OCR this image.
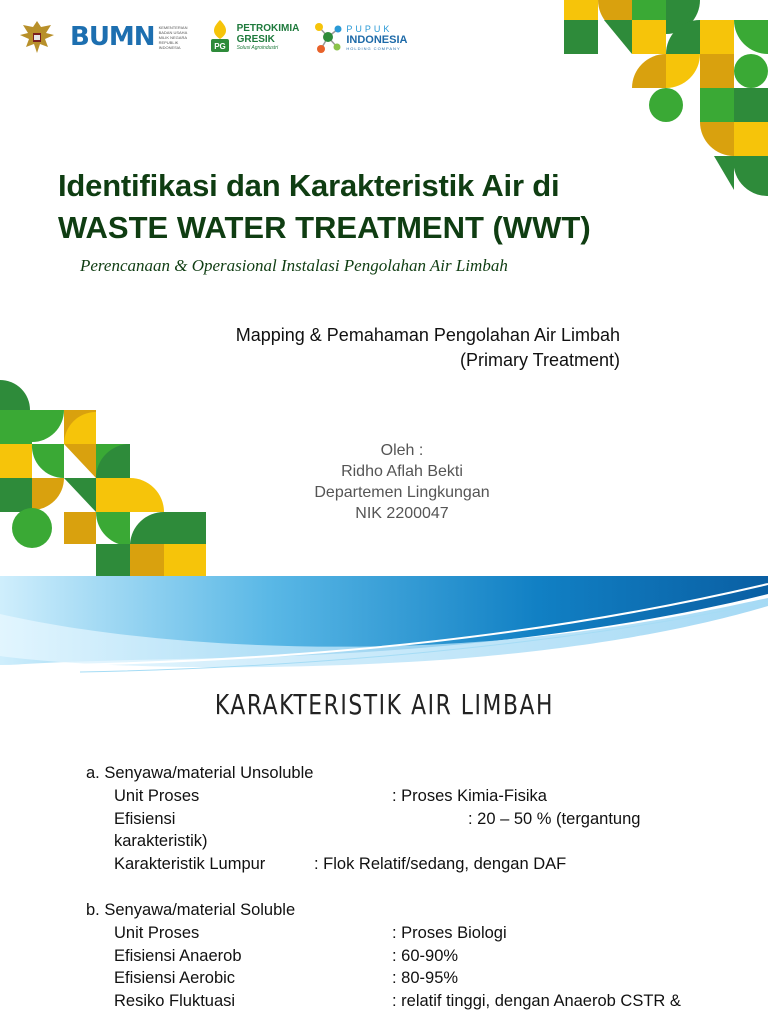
BUMN KEMENTERIAN BADAN USAHA MILIK NEGARA REPUBLIK INDONESIA	PG
PETROKIMIA
GRESIK
Solusi Agroindustri
PUPUK
INDONESIA
HOLDING COMPANY
Identifikasi dan Karakteristik Air di
WASTE WATER TREATMENT (WWT)
Perencanaan & Operasional Instalasi Pengolahan Air Limbah
Mapping & Pemahaman Pengolahan Air Limbah
(Primary Treatment)
Oleh :
Ridho Aflah Bekti
Departemen Lingkungan
NIK 2200047
KARAKTERISTIK AIR LIMBAH
a. Senyawa/material Unsoluble
Unit Proses	: Proses Kimia-Fisika
Efisiensi	: 20 – 50 % (tergantung
karakteristik)
Karakteristik Lumpur	: Flok Relatif/sedang, dengan DAF
b. Senyawa/material Soluble
Unit Proses	: Proses Biologi
Efisiensi Anaerob	: 60-90%
Efisiensi Aerobic	: 80-95%
Resiko Fluktuasi	: relatif tinggi, dengan Anaerob CSTR &
